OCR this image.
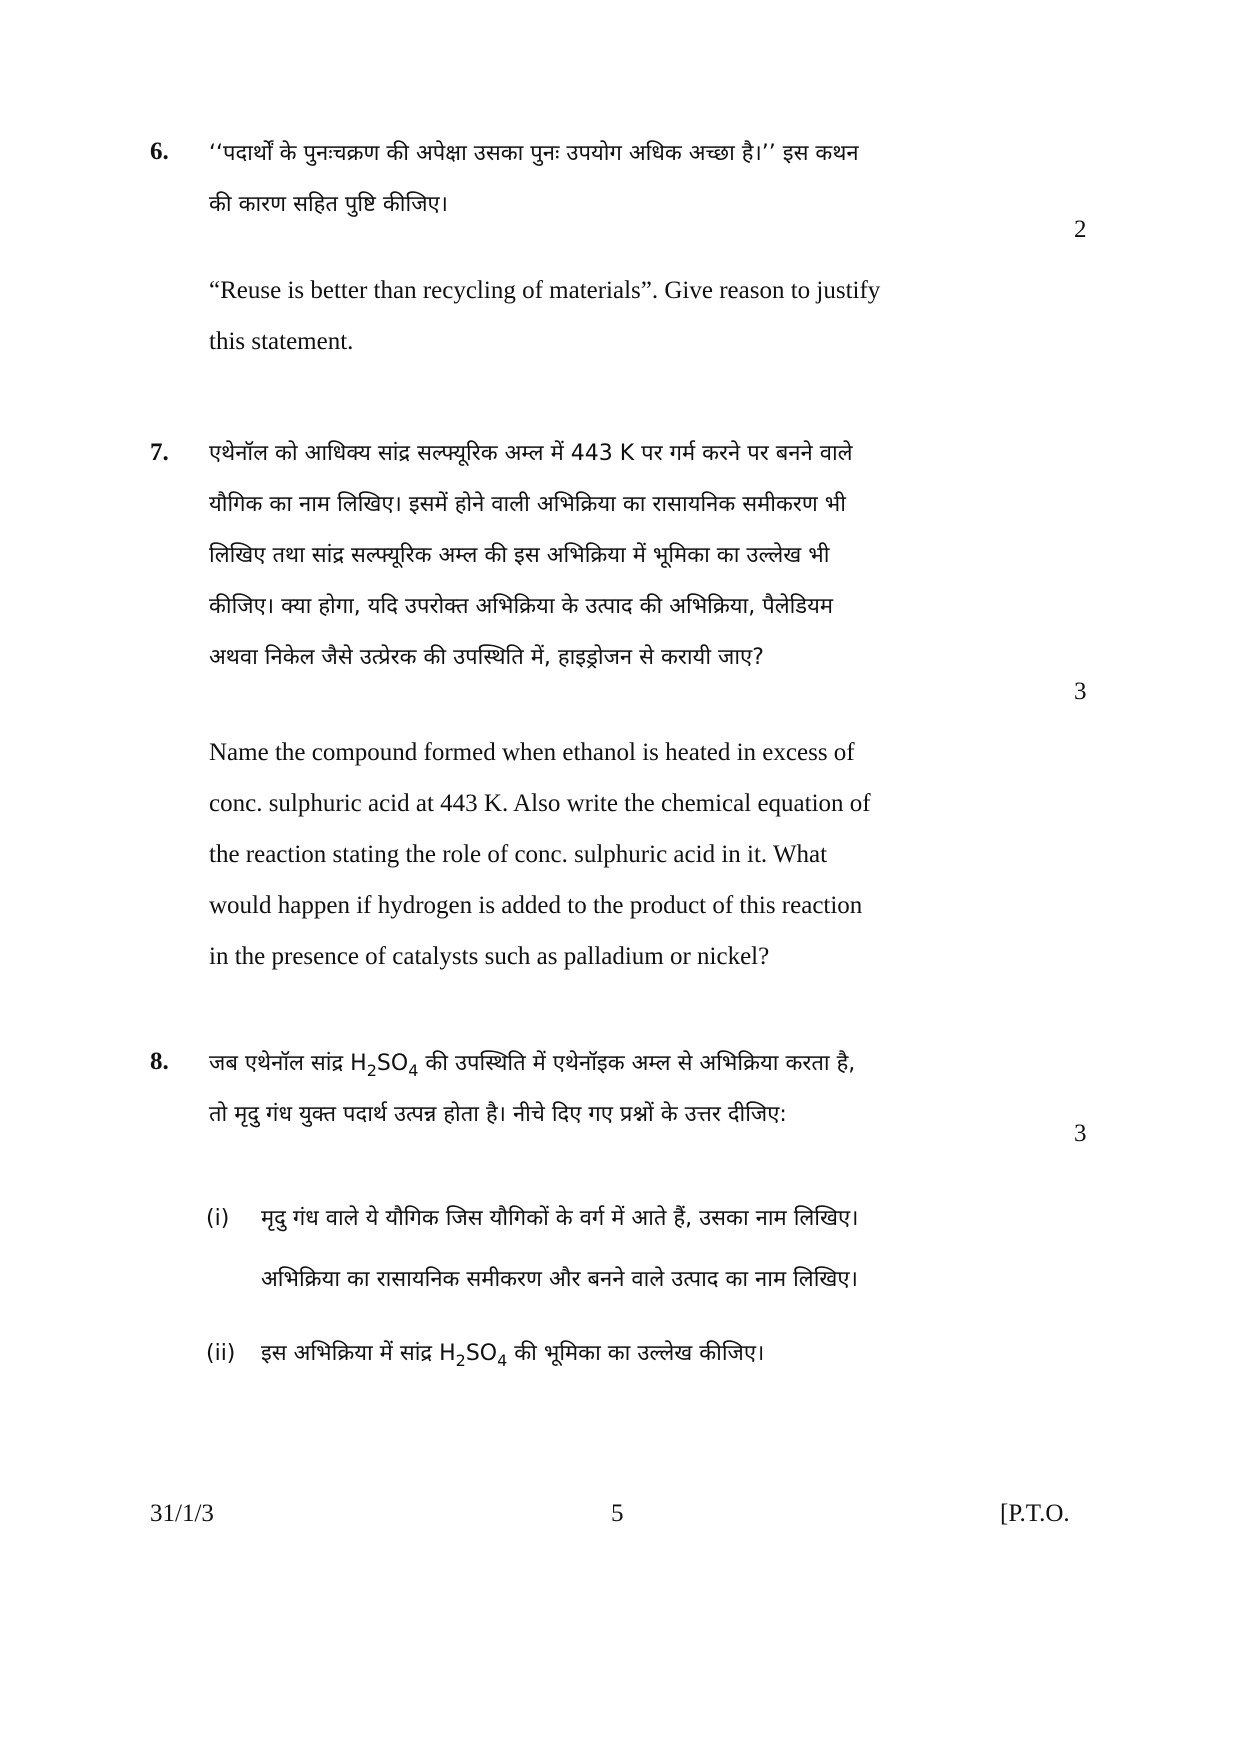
6. ‘‘पदार्थों के पुनःचक्रण की अपेक्षा उसका पुनः उपयोग अधिक अच्छा है।’’ इस कथन
की कारण सहित पुष्टि कीजिए।
2
“Reuse is better than recycling of materials”. Give reason to justify
this statement.
7. एथेनॉल को आधिक्य सांद्र सल्फ्यूरिक अम्ल में 443 K पर गर्म करने पर बनने वाले
यौगिक का नाम लिखिए। इसमें होने वाली अभिक्रिया का रासायनिक समीकरण भी
लिखिए तथा सांद्र सल्फ्यूरिक अम्ल की इस अभिक्रिया में भूमिका का उल्लेख भी
कीजिए। क्या होगा, यदि उपरोक्त अभिक्रिया के उत्पाद की अभिक्रिया, पैलेडियम
अथवा निकेल जैसे उत्प्रेरक की उपस्थिति में, हाइड्रोजन से करायी जाए?
3
Name the compound formed when ethanol is heated in excess of
conc. sulphuric acid at 443 K. Also write the chemical equation of
the reaction stating the role of conc. sulphuric acid in it. What
would happen if hydrogen is added to the product of this reaction
in the presence of catalysts such as palladium or nickel?
8. जब एथेनॉल सांद्र $H_2SO_4$ की उपस्थिति में एथेनॉइक अम्ल से अभिक्रिया करता है,
तो मृदु गंध युक्त पदार्थ उत्पन्न होता है। नीचे दिए गए प्रश्नों के उत्तर दीजिए:
3
(i) मृदु गंध वाले ये यौगिक जिस यौगिकों के वर्ग में आते हैं, उसका नाम लिखिए।
अभिक्रिया का रासायनिक समीकरण और बनने वाले उत्पाद का नाम लिखिए।
(ii) इस अभिक्रिया में सांद्र $H_2SO_4$ की भूमिका का उल्लेख कीजिए।
31/1/3	5	[P.T.O.
